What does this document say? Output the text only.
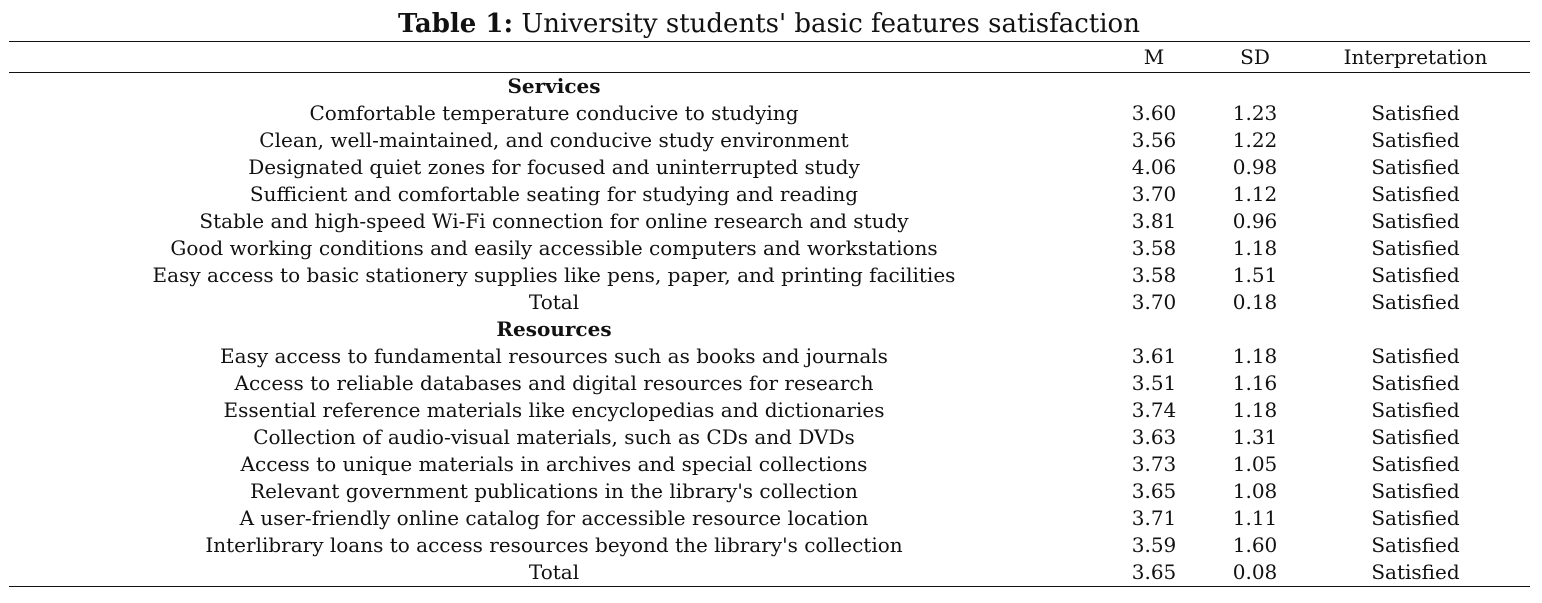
Table 1: University students' basic features satisfaction
	M	SD	Interpretation
Services			
Comfortable temperature conducive to studying	3.60	1.23	Satisfied
Clean, well-maintained, and conducive study environment	3.56	1.22	Satisfied
Designated quiet zones for focused and uninterrupted study	4.06	0.98	Satisfied
Sufficient and comfortable seating for studying and reading	3.70	1.12	Satisfied
Stable and high-speed Wi-Fi connection for online research and study	3.81	0.96	Satisfied
Good working conditions and easily accessible computers and workstations	3.58	1.18	Satisfied
Easy access to basic stationery supplies like pens, paper, and printing facilities	3.58	1.51	Satisfied
Total	3.70	0.18	Satisfied
Resources			
Easy access to fundamental resources such as books and journals	3.61	1.18	Satisfied
Access to reliable databases and digital resources for research	3.51	1.16	Satisfied
Essential reference materials like encyclopedias and dictionaries	3.74	1.18	Satisfied
Collection of audio-visual materials, such as CDs and DVDs	3.63	1.31	Satisfied
Access to unique materials in archives and special collections	3.73	1.05	Satisfied
Relevant government publications in the library's collection	3.65	1.08	Satisfied
A user-friendly online catalog for accessible resource location	3.71	1.11	Satisfied
Interlibrary loans to access resources beyond the library's collection	3.59	1.60	Satisfied
Total	3.65	0.08	Satisfied
